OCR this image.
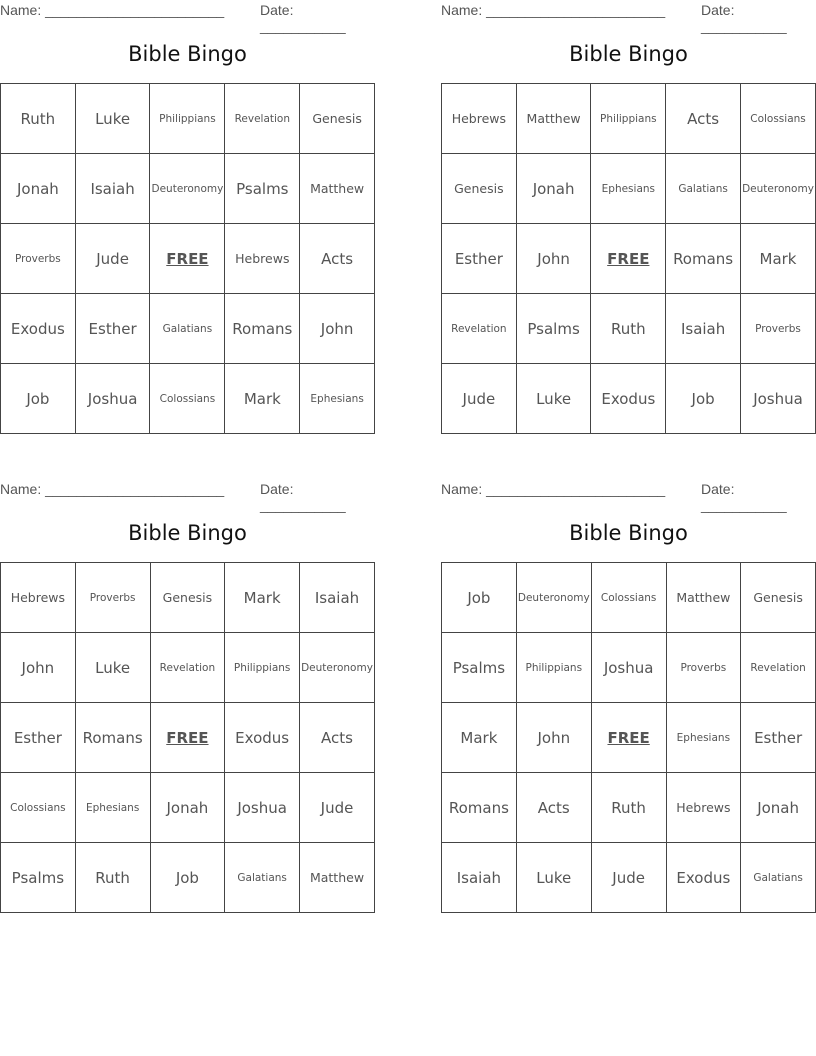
Name: _______________________	Date: ___________
Bible Bingo
Ruth	Luke	Philippians	Revelation	Genesis
Jonah	Isaiah	Deuteronomy	Psalms	Matthew
Proverbs	Jude	FREE	Hebrews	Acts
Exodus	Esther	Galatians	Romans	John
Job	Joshua	Colossians	Mark	Ephesians
Name: _______________________	Date: ___________
Bible Bingo
Hebrews	Matthew	Philippians	Acts	Colossians
Genesis	Jonah	Ephesians	Galatians	Deuteronomy
Esther	John	FREE	Romans	Mark
Revelation	Psalms	Ruth	Isaiah	Proverbs
Jude	Luke	Exodus	Job	Joshua
Name: _______________________	Date: ___________
Bible Bingo
Hebrews	Proverbs	Genesis	Mark	Isaiah
John	Luke	Revelation	Philippians	Deuteronomy
Esther	Romans	FREE	Exodus	Acts
Colossians	Ephesians	Jonah	Joshua	Jude
Psalms	Ruth	Job	Galatians	Matthew
Name: _______________________	Date: ___________
Bible Bingo
Job	Deuteronomy	Colossians	Matthew	Genesis
Psalms	Philippians	Joshua	Proverbs	Revelation
Mark	John	FREE	Ephesians	Esther
Romans	Acts	Ruth	Hebrews	Jonah
Isaiah	Luke	Jude	Exodus	Galatians
